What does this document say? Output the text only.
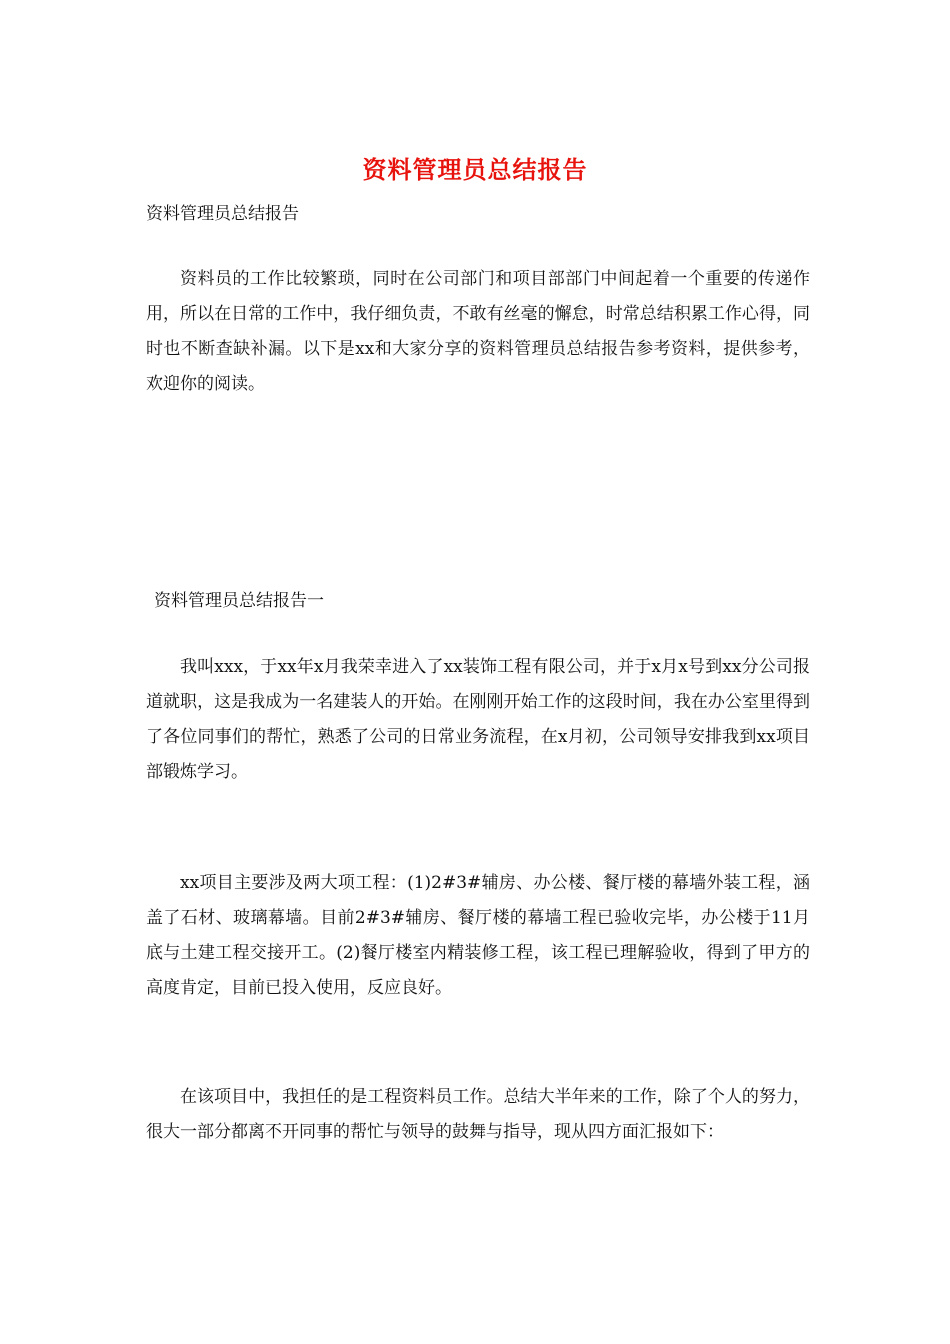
资料管理员总结报告
资料管理员总结报告

资料员的工作比较繁琐，同时在公司部门和项目部部门中间起着一个重要的传递作用，所以在日常的工作中，我仔细负责，不敢有丝毫的懈怠，时常总结积累工作心得，同时也不断查缺补漏。以下是xx和大家分享的资料管理员总结报告参考资料，提供参考，欢迎你的阅读。

资料管理员总结报告一

我叫xxx，于xx年x月我荣幸进入了xx装饰工程有限公司，并于x月x号到xx分公司报道就职，这是我成为一名建装人的开始。在刚刚开始工作的这段时间，我在办公室里得到了各位同事们的帮忙，熟悉了公司的日常业务流程，在x月初，公司领导安排我到xx项目部锻炼学习。

xx项目主要涉及两大项工程：(1)2#3#辅房、办公楼、餐厅楼的幕墙外装工程，涵盖了石材、玻璃幕墙。目前2#3#辅房、餐厅楼的幕墙工程已验收完毕，办公楼于11月底与土建工程交接开工。(2)餐厅楼室内精装修工程，该工程已理解验收，得到了甲方的高度肯定，目前已投入使用，反应良好。

在该项目中，我担任的是工程资料员工作。总结大半年来的工作，除了个人的努力，很大一部分都离不开同事的帮忙与领导的鼓舞与指导，现从四方面汇报如下：
